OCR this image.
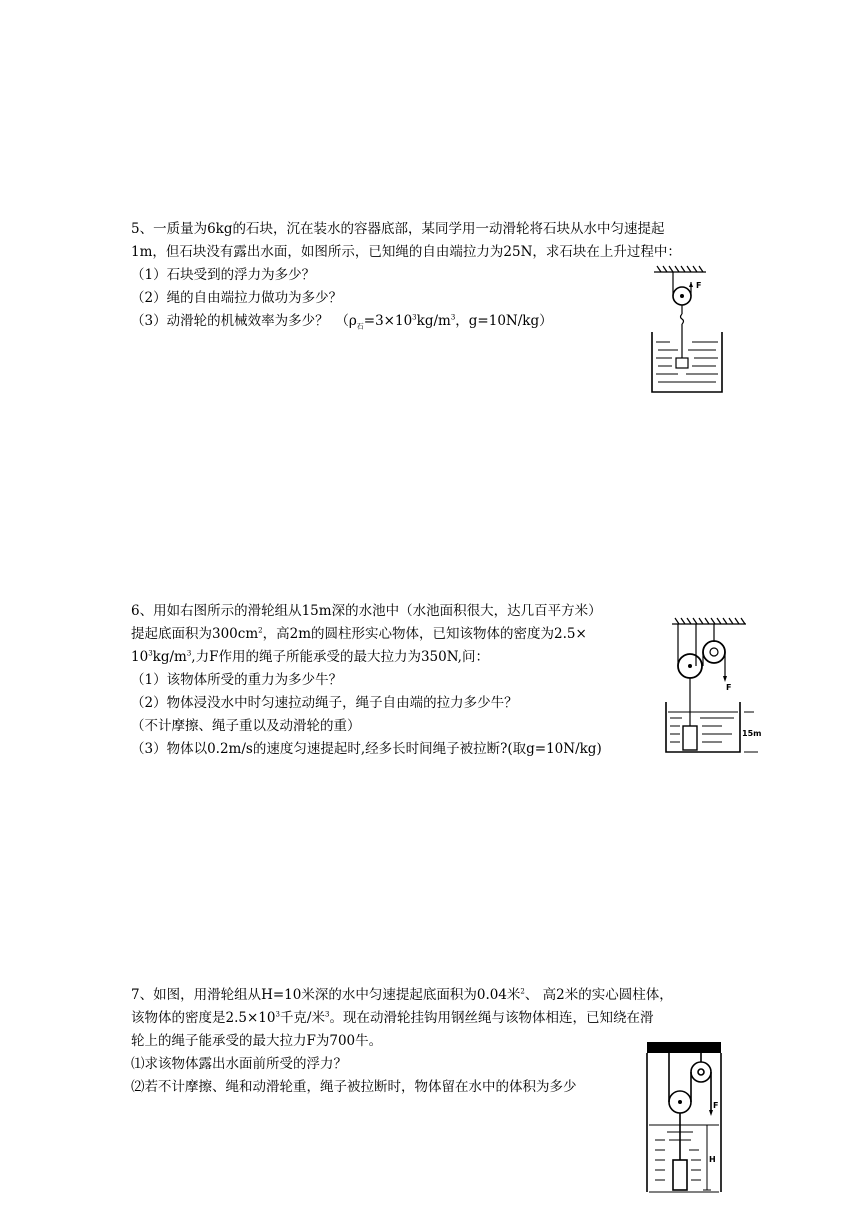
5、一质量为6kg的石块，沉在装水的容器底部，某同学用一动滑轮将石块从水中匀速提起
1m，但石块没有露出水面，如图所示，已知绳的自由端拉力为25N，求石块在上升过程中：
（1）石块受到的浮力为多少？
（2）绳的自由端拉力做功为多少？
（3）动滑轮的机械效率为多少？　（$\rho_石=3\times 10^3kg/m^3$，g=10N/kg）
F
6、用如右图所示的滑轮组从15m深的水池中（水池面积很大，达几百平方米）
提起底面积为$300cm^2$，高2m的圆柱形实心物体，已知该物体的密度为2.5×
$10^3kg/m^3$,力F作用的绳子所能承受的最大拉力为350N,问：
（1）该物体所受的重力为多少牛？
（2）物体浸没水中时匀速拉动绳子，绳子自由端的拉力多少牛？
（不计摩擦、绳子重以及动滑轮的重）
（3）物体以0.2m/s的速度匀速提起时,经多长时间绳子被拉断?(取g=10N/kg)
F
15m
7、如图，用滑轮组从H=10米深的水中匀速提起底面积为0.04米$^2$、 高2米的实心圆柱体，
该物体的密度是$2.5\times 10^3$千克/米$^3$。现在动滑轮挂钩用钢丝绳与该物体相连，已知绕在滑
轮上的绳子能承受的最大拉力F为700牛。
⑴求该物体露出水面前所受的浮力？
⑵若不计摩擦、绳和动滑轮重，绳子被拉断时，物体留在水中的体积为多少
F
H
